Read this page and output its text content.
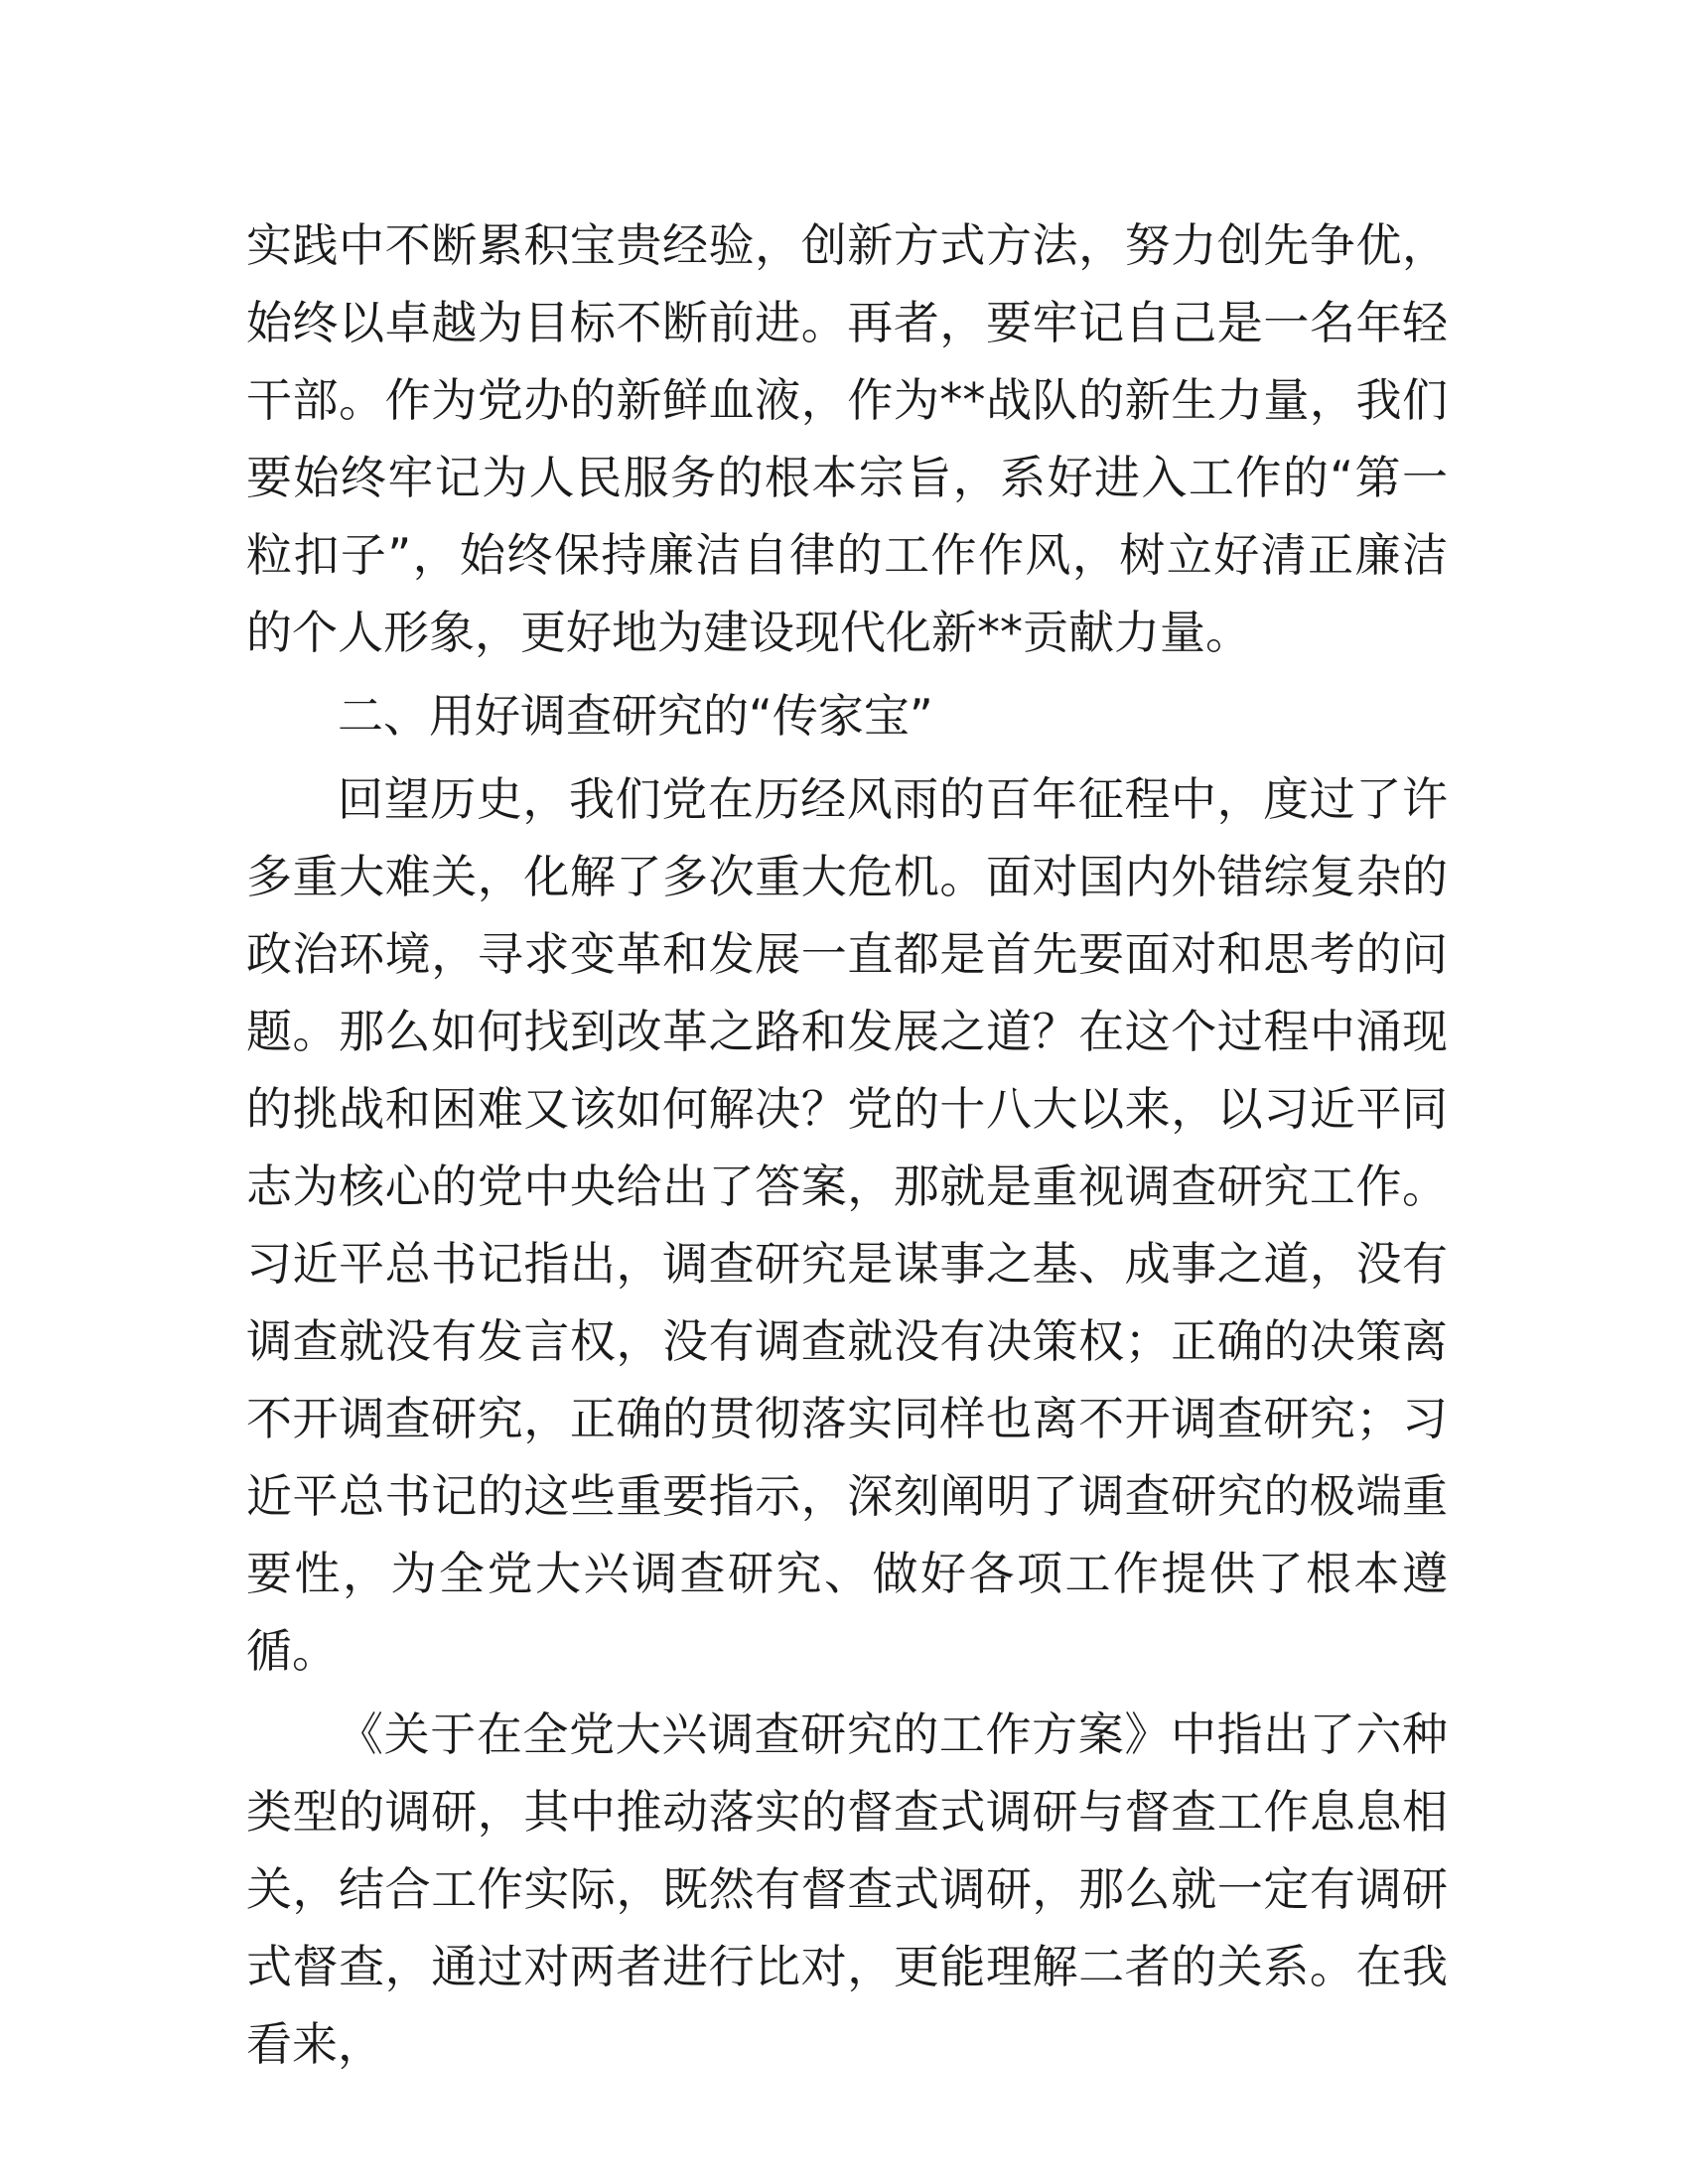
实践中不断累积宝贵经验，创新方式方法，努力创先争优，始终以卓越为目标不断前进。再者，要牢记自己是一名年轻干部。作为党办的新鲜血液，作为**战队的新生力量，我们要始终牢记为人民服务的根本宗旨，系好进入工作的“第一粒扣子”，始终保持廉洁自律的工作作风，树立好清正廉洁的个人形象，更好地为建设现代化新**贡献力量。

二、用好调查研究的“传家宝”

回望历史，我们党在历经风雨的百年征程中，度过了许多重大难关，化解了多次重大危机。面对国内外错综复杂的政治环境，寻求变革和发展一直都是首先要面对和思考的问题。那么如何找到改革之路和发展之道？在这个过程中涌现的挑战和困难又该如何解决？党的十八大以来，以习近平同志为核心的党中央给出了答案，那就是重视调查研究工作。习近平总书记指出，调查研究是谋事之基、成事之道，没有调查就没有发言权，没有调查就没有决策权；正确的决策离不开调查研究，正确的贯彻落实同样也离不开调查研究；习近平总书记的这些重要指示，深刻阐明了调查研究的极端重要性，为全党大兴调查研究、做好各项工作提供了根本遵循。

《关于在全党大兴调查研究的工作方案》中指出了六种类型的调研，其中推动落实的督查式调研与督查工作息息相关，结合工作实际，既然有督查式调研，那么就一定有调研式督查，通过对两者进行比对，更能理解二者的关系。在我看来，
